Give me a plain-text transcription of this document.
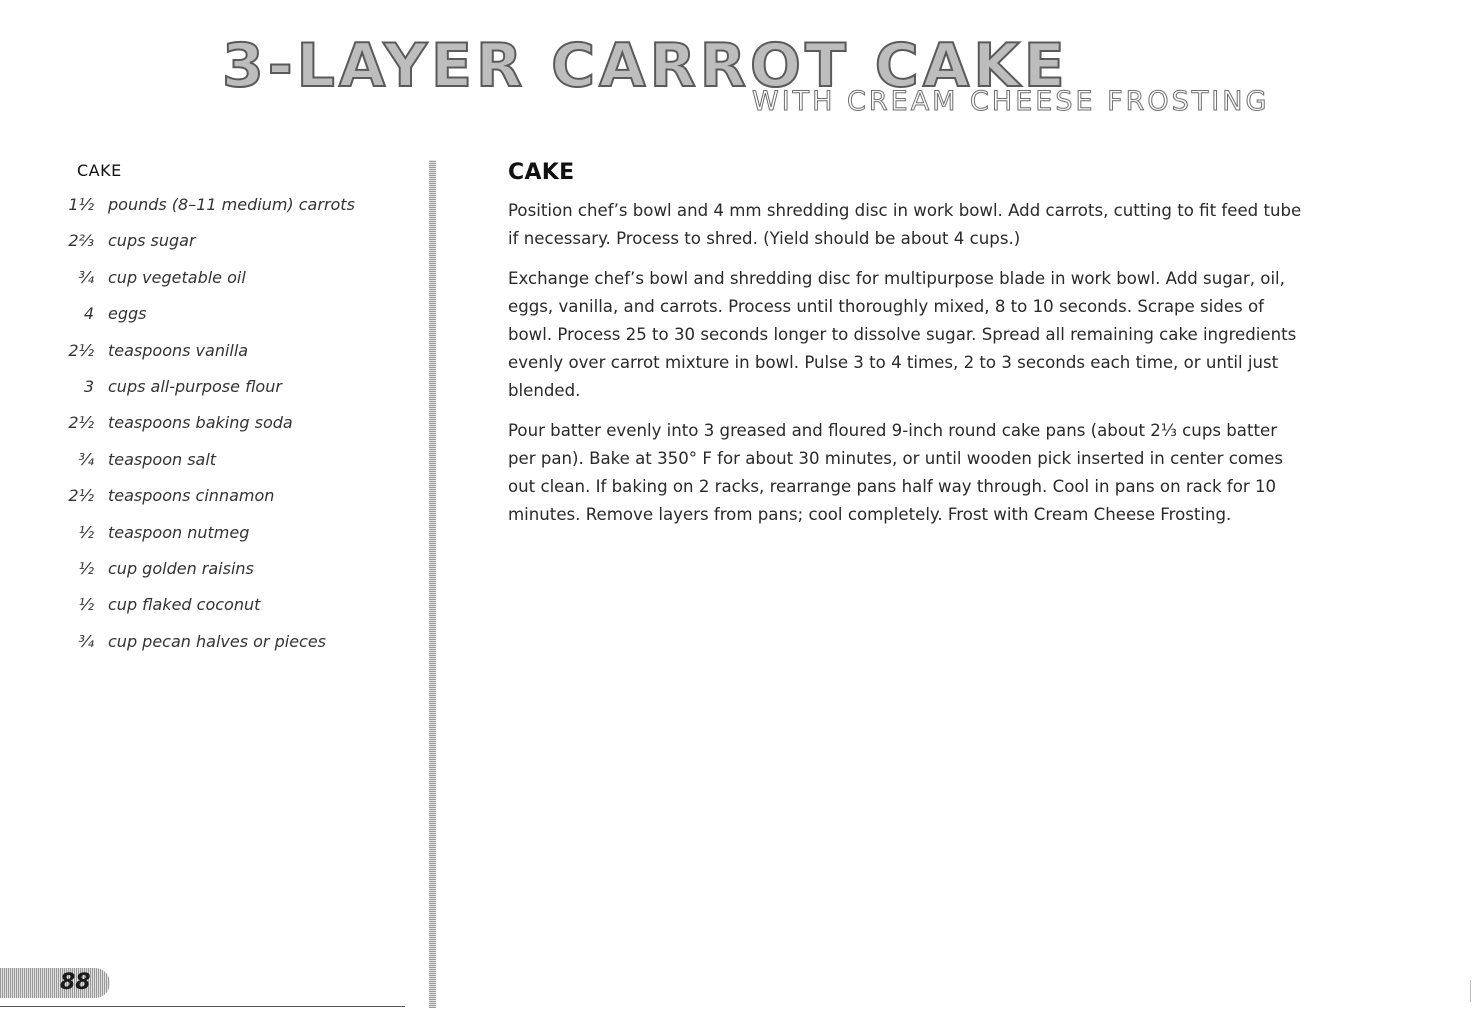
3-LAYER CARROT CAKE
WITH CREAM CHEESE FROSTING
CAKE
1½ pounds (8–11 medium) carrots
2⅔ cups sugar
¾ cup vegetable oil
4 eggs
2½ teaspoons vanilla
3 cups all-purpose flour
2½ teaspoons baking soda
¾ teaspoon salt
2½ teaspoons cinnamon
½ teaspoon nutmeg
½ cup golden raisins
½ cup flaked coconut
¾ cup pecan halves or pieces
CAKE

Position chef’s bowl and 4 mm shredding disc in work bowl. Add carrots, cutting to fit feed tube if necessary. Process to shred. (Yield should be about 4 cups.)

Exchange chef’s bowl and shredding disc for multipurpose blade in work bowl. Add sugar, oil, eggs, vanilla, and carrots. Process until thoroughly mixed, 8 to 10 seconds. Scrape sides of bowl. Process 25 to 30 seconds longer to dissolve sugar. Spread all remaining cake ingredients evenly over carrot mixture in bowl. Pulse 3 to 4 times, 2 to 3 seconds each time, or until just blended.

Pour batter evenly into 3 greased and floured 9-inch round cake pans (about 2⅓ cups batter per pan). Bake at 350° F for about 30 minutes, or until wooden pick inserted in center comes out clean. If baking on 2 racks, rearrange pans half way through. Cool in pans on rack for 10 minutes. Remove layers from pans; cool completely. Frost with Cream Cheese Frosting.

88
